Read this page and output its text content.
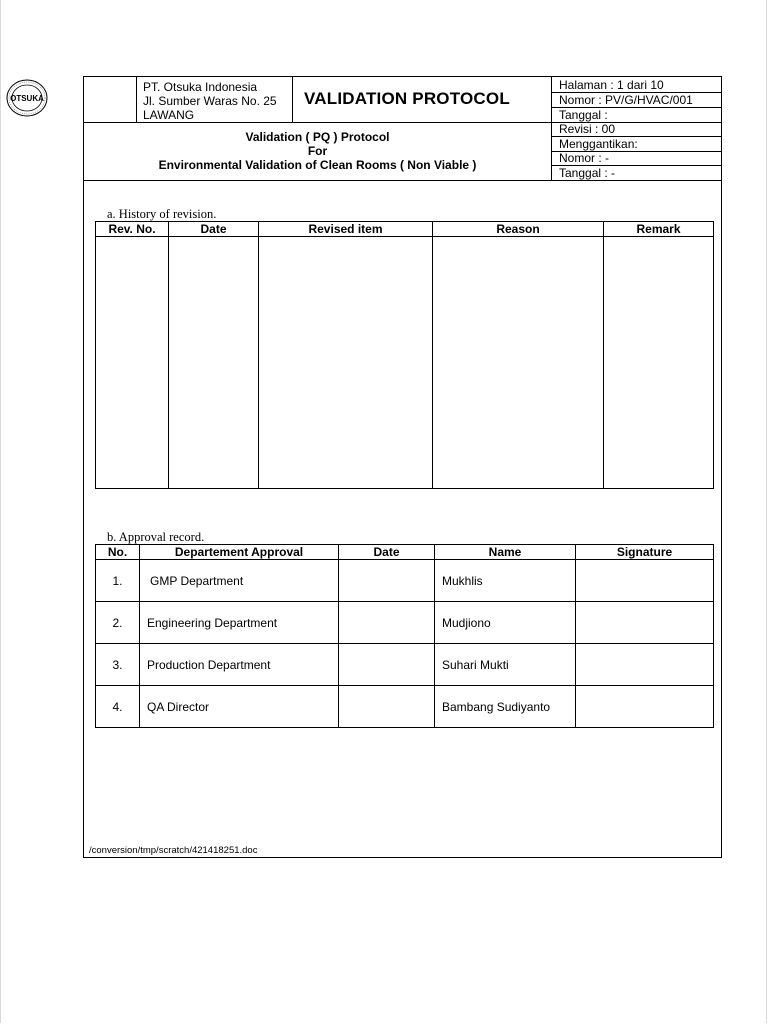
OTSUKA
PT. Otsuka Indonesia
Jl. Sumber Waras No. 25
LAWANG
VALIDATION PROTOCOL
Validation ( PQ ) Protocol
For
Environmental Validation of Clean Rooms ( Non Viable )
Halaman : 1 dari 10
Nomor : PV/G/HVAC/001
Tanggal :
Revisi : 00
Menggantikan:
Nomor : -
Tanggal : -
a. History of revision.
Rev. No.	Date	Revised item	Reason	Remark

b. Approval record.
No.	Departement Approval	Date	Name	Signature
1.	GMP Department		Mukhlis	
2.	Engineering Department		Mudjiono	
3.	Production Department		Suhari Mukti	
4.	QA Director		Bambang Sudiyanto	
/conversion/tmp/scratch/421418251.doc
